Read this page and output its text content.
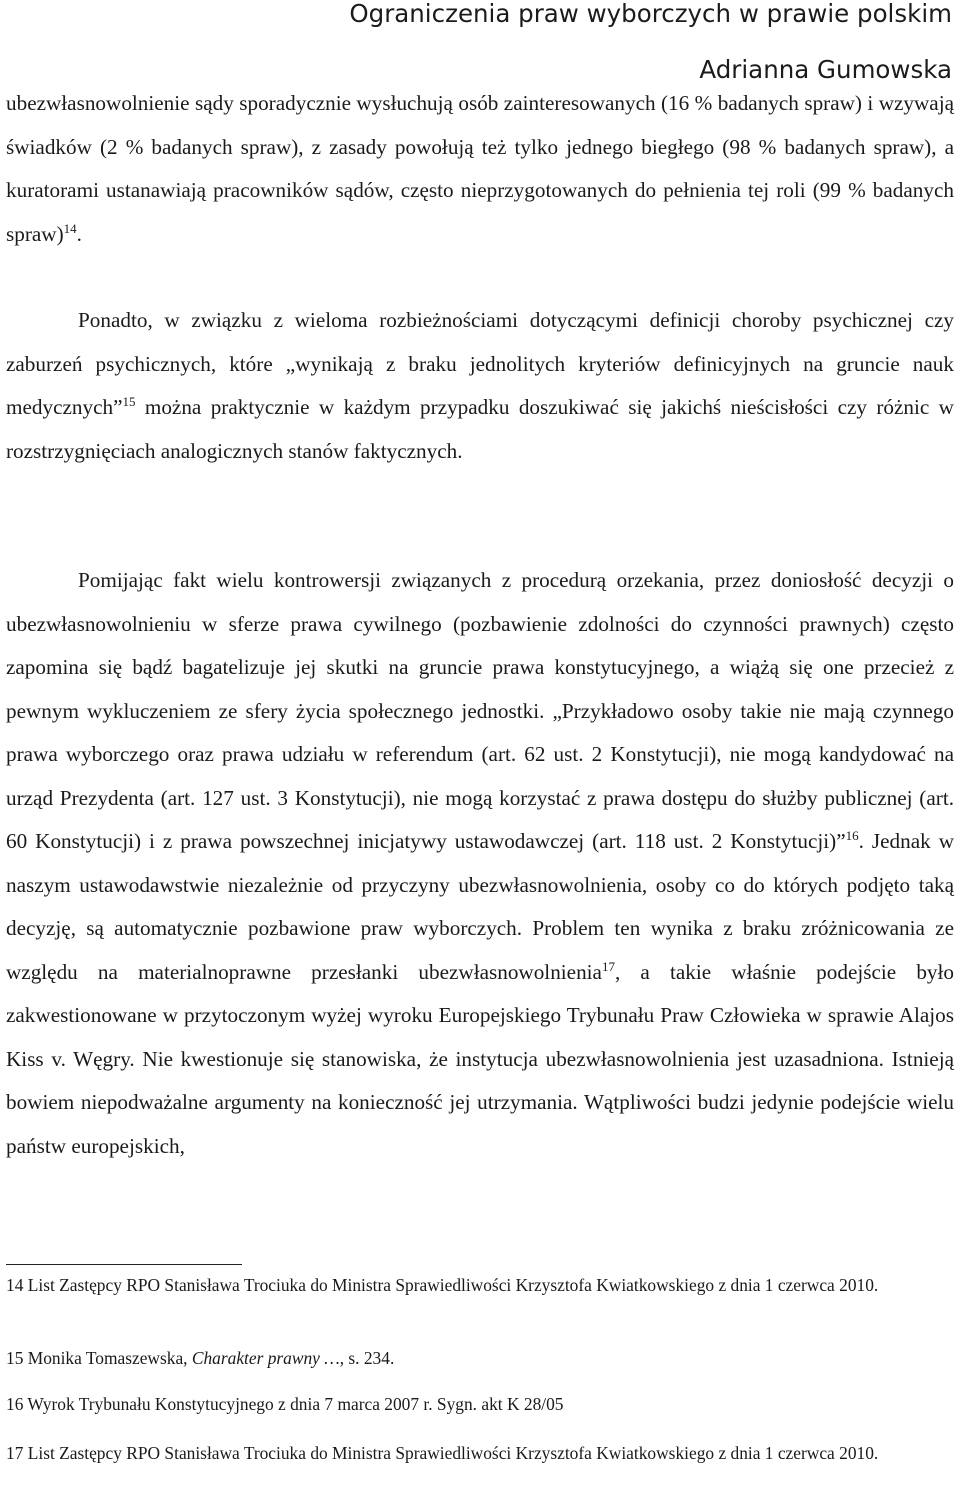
Ograniczenia praw wyborczych w prawie polskim
Adrianna Gumowska

ubezwłasnowolnienie sądy sporadycznie wysłuchują osób zainteresowanych (16 % badanych spraw) i wzywają świadków (2 % badanych spraw), z zasady powołują też tylko jednego biegłego (98 % badanych spraw), a kuratorami ustanawiają pracowników sądów, często nieprzygotowanych do pełnienia tej roli (99 % badanych spraw)$^{14}$.

Ponadto, w związku z wieloma rozbieżnościami dotyczącymi definicji choroby psychicznej czy zaburzeń psychicznych, które „wynikają z braku jednolitych kryteriów definicyjnych na gruncie nauk medycznych”$^{15}$ można praktycznie w każdym przypadku doszukiwać się jakichś nieścisłości czy różnic w rozstrzygnięciach analogicznych stanów faktycznych.

Pomijając fakt wielu kontrowersji związanych z procedurą orzekania, przez doniosłość decyzji o ubezwłasnowolnieniu w sferze prawa cywilnego (pozbawienie zdolności do czynności prawnych) często zapomina się bądź bagatelizuje jej skutki na gruncie prawa konstytucyjnego, a wiążą się one przecież z pewnym wykluczeniem ze sfery życia społecznego jednostki. „Przykładowo osoby takie nie mają czynnego prawa wyborczego oraz prawa udziału w referendum (art. 62 ust. 2 Konstytucji), nie mogą kandydować na urząd Prezydenta (art. 127 ust. 3 Konstytucji), nie mogą korzystać z prawa dostępu do służby publicznej (art. 60 Konstytucji) i z prawa powszechnej inicjatywy ustawodawczej (art. 118 ust. 2 Konstytucji)”$^{16}$. Jednak w naszym ustawodawstwie niezależnie od przyczyny ubezwłasnowolnienia, osoby co do których podjęto taką decyzję, są automatycznie pozbawione praw wyborczych. Problem ten wynika z braku zróżnicowania ze względu na materialnoprawne przesłanki ubezwłasnowolnienia$^{17}$, a takie właśnie podejście było zakwestionowane w przytoczonym wyżej wyroku Europejskiego Trybunału Praw Człowieka w sprawie Alajos Kiss v. Węgry. Nie kwestionuje się stanowiska, że instytucja ubezwłasnowolnienia jest uzasadniona. Istnieją bowiem niepodważalne argumenty na konieczność jej utrzymania. Wątpliwości budzi jedynie podejście wielu państw europejskich,

14 List Zastępcy RPO Stanisława Trociuka do Ministra Sprawiedliwości Krzysztofa Kwiatkowskiego z dnia 1 czerwca 2010.
15 Monika Tomaszewska, Charakter prawny …, s. 234.
16 Wyrok Trybunału Konstytucyjnego z dnia 7 marca 2007 r. Sygn. akt K 28/05
17 List Zastępcy RPO Stanisława Trociuka do Ministra Sprawiedliwości Krzysztofa Kwiatkowskiego z dnia 1 czerwca 2010.
